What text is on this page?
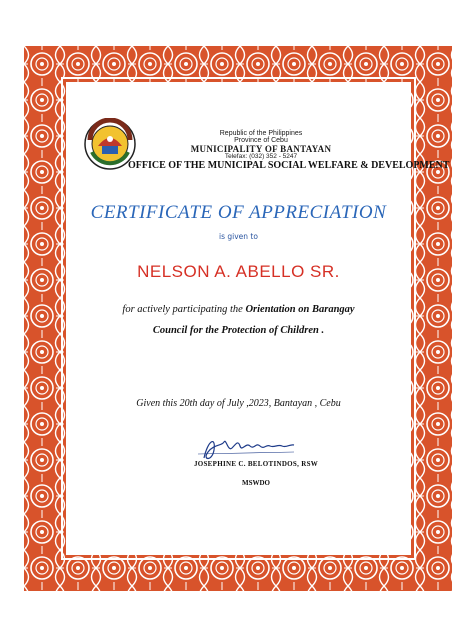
Republic of the Philippines
Province of Cebu
MUNICIPALITY OF BANTAYAN
Telefax: (032) 352 - 5247
OFFICE OF THE MUNICIPAL SOCIAL WELFARE & DEVELOPMENT
CERTIFICATE OF APPRECIATION
is given to
NELSON A. ABELLO SR.
for actively participating the Orientation on Barangay
Council for the Protection of Children .
Given this 20th day of July ,2023, Bantayan , Cebu
JOSEPHINE C. BELOTINDOS, RSW
MSWDO
